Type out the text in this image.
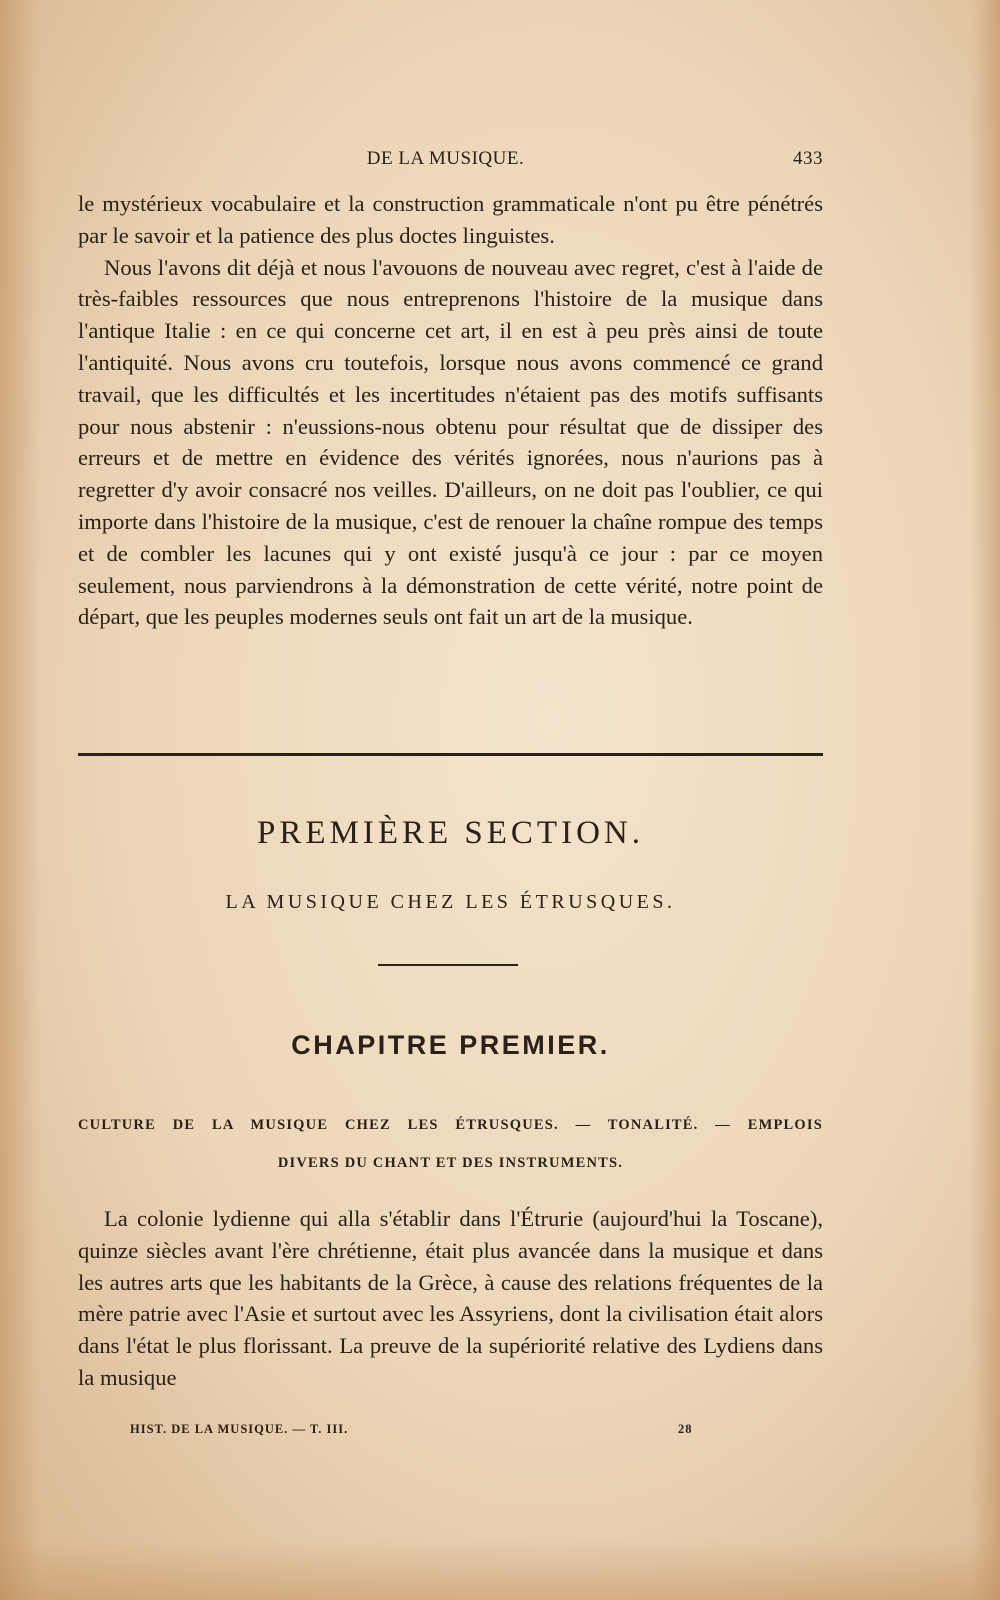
DE LA MUSIQUE.	433

le mystérieux vocabulaire et la construction grammaticale n'ont pu être pénétrés par le savoir et la patience des plus doctes linguistes.

Nous l'avons dit déjà et nous l'avouons de nouveau avec regret, c'est à l'aide de très-faibles ressources que nous entreprenons l'histoire de la musique dans l'antique Italie : en ce qui concerne cet art, il en est à peu près ainsi de toute l'antiquité. Nous avons cru toutefois, lorsque nous avons commencé ce grand travail, que les difficultés et les incertitudes n'étaient pas des motifs suffisants pour nous abstenir : n'eussions-nous obtenu pour résultat que de dissiper des erreurs et de mettre en évidence des vérités ignorées, nous n'aurions pas à regretter d'y avoir consacré nos veilles. D'ailleurs, on ne doit pas l'oublier, ce qui importe dans l'histoire de la musique, c'est de renouer la chaîne rompue des temps et de combler les lacunes qui y ont existé jusqu'à ce jour : par ce moyen seulement, nous parviendrons à la démonstration de cette vérité, notre point de départ, que les peuples modernes seuls ont fait un art de la musique.

PREMIÈRE SECTION.
LA MUSIQUE CHEZ LES ÉTRUSQUES.
CHAPITRE PREMIER.
CULTURE DE LA MUSIQUE CHEZ LES ÉTRUSQUES. — TONALITÉ. — EMPLOIS
DIVERS DU CHANT ET DES INSTRUMENTS.

La colonie lydienne qui alla s'établir dans l'Étrurie (aujourd'hui la Toscane), quinze siècles avant l'ère chrétienne, était plus avancée dans la musique et dans les autres arts que les habitants de la Grèce, à cause des relations fréquentes de la mère patrie avec l'Asie et surtout avec les Assyriens, dont la civilisation était alors dans l'état le plus florissant. La preuve de la supériorité relative des Lydiens dans la musique

HIST. DE LA MUSIQUE. — T. III.	28
